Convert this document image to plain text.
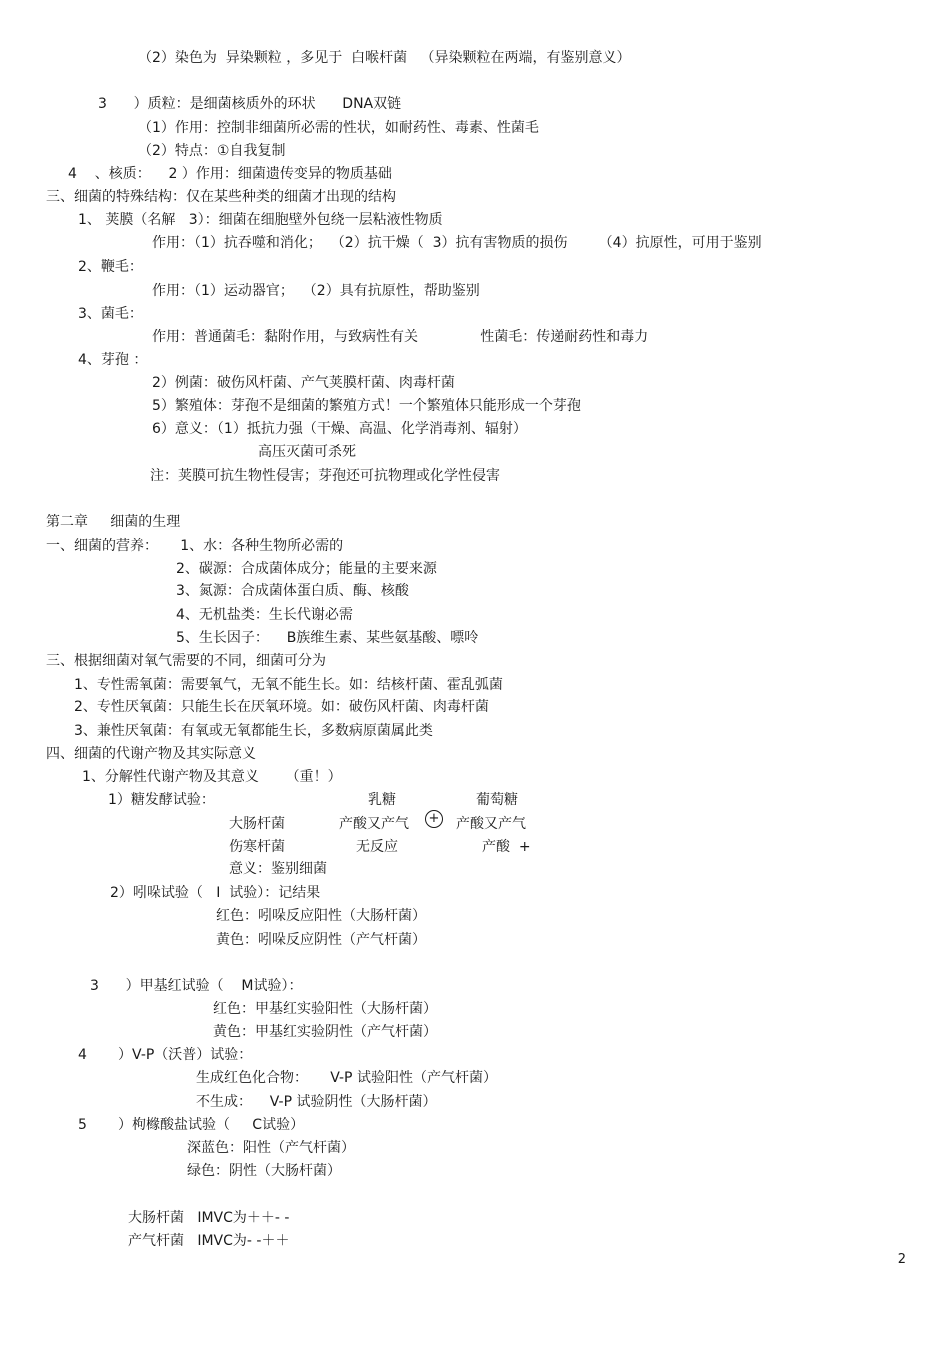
（2）染色为  异染颗粒 ，多见于  白喉杆菌   （异染颗粒在两端，有鉴别意义）
3      ）质粒：是细菌核质外的环状      DNA双链
（1）作用：控制非细菌所必需的性状，如耐药性、毒素、性菌毛
（2）特点：①自我复制
4    、核质：    2 ）作用：细菌遗传变异的物质基础
三、细菌的特殊结构：仅在某些种类的细菌才出现的结构
1、 荚膜（名解   3）：细菌在细胞壁外包绕一层粘液性物质
作用：（1）抗吞噬和消化；  （2）抗干燥（  3）抗有害物质的损伤       （4）抗原性，可用于鉴别
2、鞭毛：
作用：（1）运动器官；  （2）具有抗原性，帮助鉴别
3、菌毛：
作用：普通菌毛：黏附作用，与致病性有关              性菌毛：传递耐药性和毒力
4、芽孢 ：
2）例菌：破伤风杆菌、产气荚膜杆菌、肉毒杆菌
5）繁殖体：芽孢不是细菌的繁殖方式！一个繁殖体只能形成一个芽孢
6）意义：（1）抵抗力强（干燥、高温、化学消毒剂、辐射）
高压灭菌可杀死
注：荚膜可抗生物性侵害；芽孢还可抗物理或化学性侵害
第二章     细菌的生理
一、细菌的营养：     1、水：各种生物所必需的
2、碳源：合成菌体成分；能量的主要来源
3、氮源：合成菌体蛋白质、酶、核酸
4、无机盐类：生长代谢必需
5、生长因子：    B族维生素、某些氨基酸、嘌呤
三、根据细菌对氧气需要的不同，细菌可分为
1、专性需氧菌：需要氧气，无氧不能生长。如：结核杆菌、霍乱弧菌
2、专性厌氧菌：只能生长在厌氧环境。如：破伤风杆菌、肉毒杆菌
3、兼性厌氧菌：有氧或无氧都能生长，多数病原菌属此类
四、细菌的代谢产物及其实际意义
1、分解性代谢产物及其意义      （重！）
1）糖发酵试验：	乳糖	葡萄糖
大肠杆菌	产酸又产气 + 产酸又产气
伤寒杆菌	无反应	产酸  +
意义：鉴别细菌
2）吲哚试验（   I  试验）：记结果
红色：吲哚反应阳性（大肠杆菌）
黄色：吲哚反应阴性（产气杆菌）
3      ）甲基红试验（    M试验）：
红色：甲基红实验阳性（大肠杆菌）
黄色：甲基红实验阴性（产气杆菌）
4       ）V-P（沃普）试验：
生成红色化合物：     V-P 试验阳性（产气杆菌）
不生成：    V-P 试验阴性（大肠杆菌）
5       ）枸橼酸盐试验（     C试验）
深蓝色：阳性（产气杆菌）
绿色：阴性（大肠杆菌）
大肠杆菌   IMVC为＋＋- -
产气杆菌   IMVC为- -＋＋
2
